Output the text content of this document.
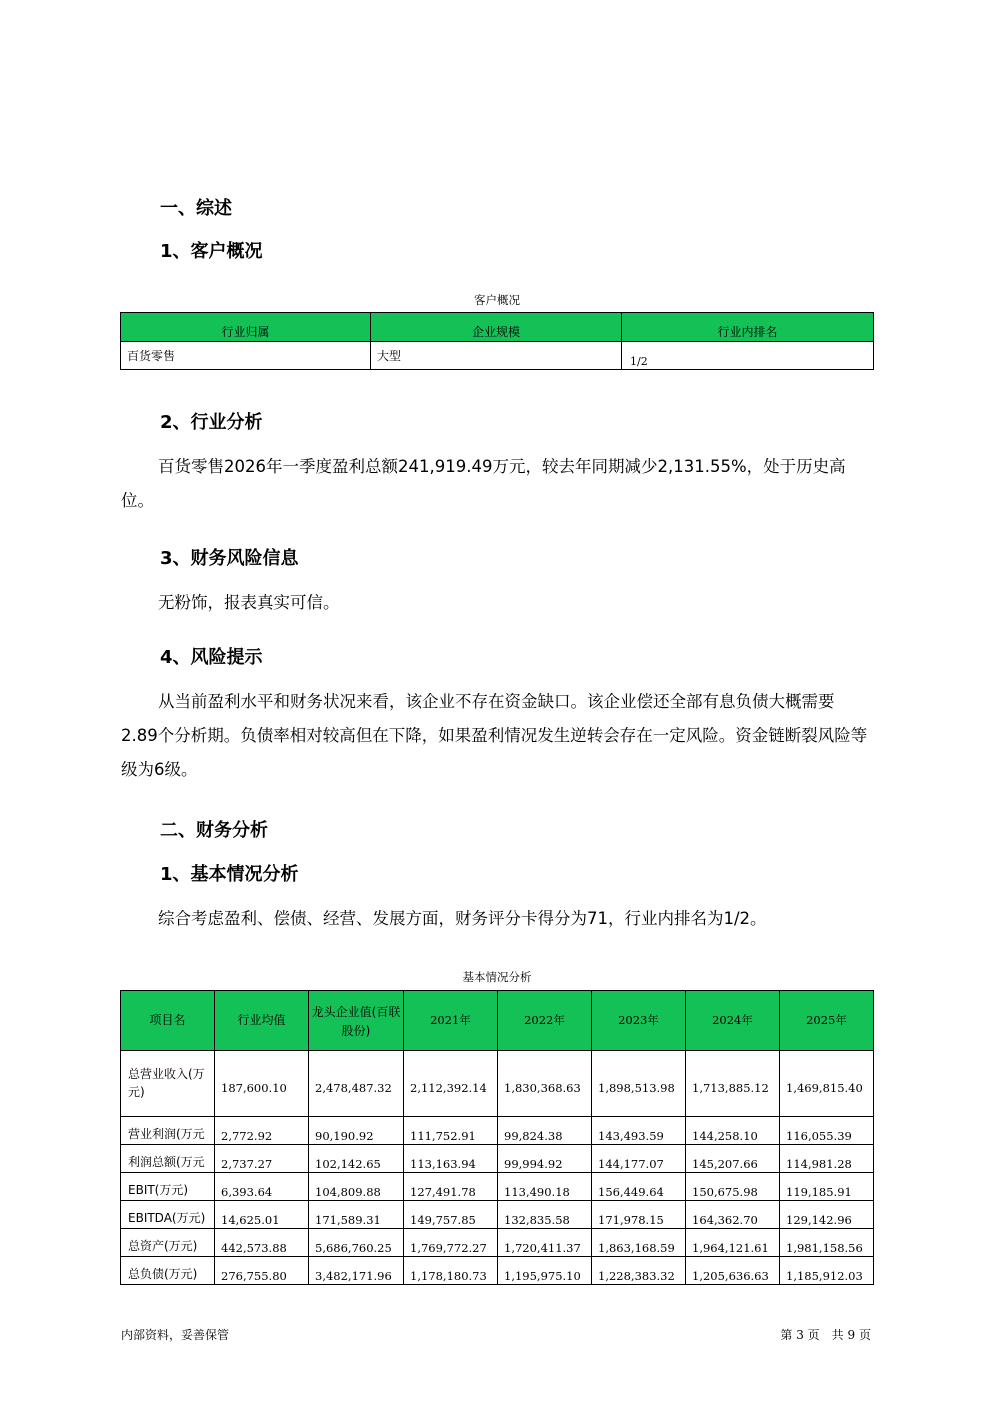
一、综述
1、客户概况
客户概况
行业归属	企业规模	行业内排名
百货零售	大型	1/2
2、行业分析

百货零售2026年一季度盈利总额241,919.49万元，较去年同期减少2,131.55%，处于历史高位。

3、财务风险信息

无粉饰，报表真实可信。

4、风险提示

从当前盈利水平和财务状况来看，该企业不存在资金缺口。该企业偿还全部有息负债大概需要 2.89个分析期。负债率相对较高但在下降，如果盈利情况发生逆转会存在一定风险。资金链断裂风险等级为6级。

二、财务分析
1、基本情况分析

综合考虑盈利、偿债、经营、发展方面，财务评分卡得分为71，行业内排名为1/2。

基本情况分析
项目名	行业均值	龙头企业值(百联股份)	2021年	2022年	2023年	2024年	2025年
总营业收入(万元)	187,600.10	2,478,487.32	2,112,392.14	1,830,368.63	1,898,513.98	1,713,885.12	1,469,815.40
营业利润(万元	2,772.92	90,190.92	111,752.91	99,824.38	143,493.59	144,258.10	116,055.39
利润总额(万元	2,737.27	102,142.65	113,163.94	99,994.92	144,177.07	145,207.66	114,981.28
EBIT(万元)	6,393.64	104,809.88	127,491.78	113,490.18	156,449.64	150,675.98	119,185.91
EBITDA(万元)	14,625.01	171,589.31	149,757.85	132,835.58	171,978.15	164,362.70	129,142.96
总资产(万元)	442,573.88	5,686,760.25	1,769,772.27	1,720,411.37	1,863,168.59	1,964,121.61	1,981,158.56
总负债(万元)	276,755.80	3,482,171.96	1,178,180.73	1,195,975.10	1,228,383.32	1,205,636.63	1,185,912.03
内部资料，妥善保管	第 3 页　共 9 页
